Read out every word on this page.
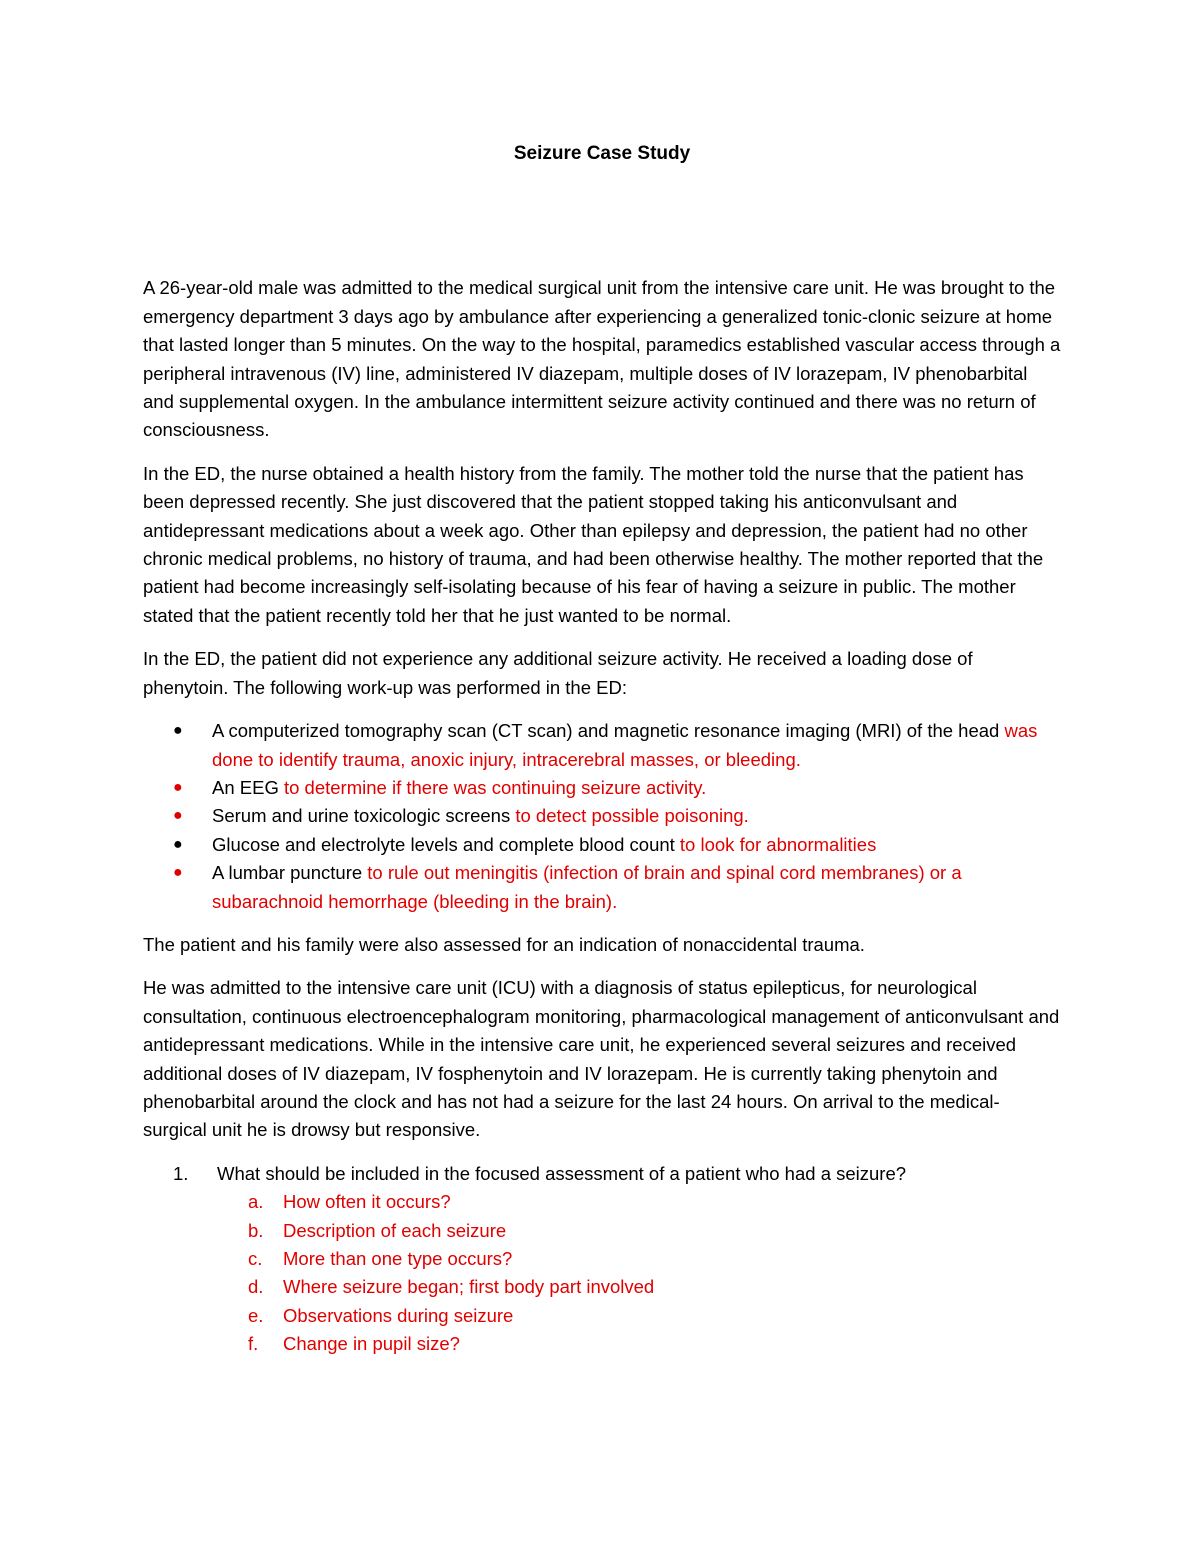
Seizure Case Study

A 26-year-old male was admitted to the medical surgical unit from the intensive care unit. He was brought to the emergency department 3 days ago by ambulance after experiencing a generalized tonic-clonic seizure at home that lasted longer than 5 minutes. On the way to the hospital, paramedics established vascular access through a peripheral intravenous (IV) line, administered IV diazepam, multiple doses of IV lorazepam, IV phenobarbital and supplemental oxygen. In the ambulance intermittent seizure activity continued and there was no return of consciousness.

In the ED, the nurse obtained a health history from the family. The mother told the nurse that the patient has been depressed recently. She just discovered that the patient stopped taking his anticonvulsant and antidepressant medications about a week ago. Other than epilepsy and depression, the patient had no other chronic medical problems, no history of trauma, and had been otherwise healthy. The mother reported that the patient had become increasingly self-isolating because of his fear of having a seizure in public. The mother stated that the patient recently told her that he just wanted to be normal.

In the ED, the patient did not experience any additional seizure activity. He received a loading dose of phenytoin. The following work-up was performed in the ED:

●	A computerized tomography scan (CT scan) and magnetic resonance imaging (MRI) of the head was done to identify trauma, anoxic injury, intracerebral masses, or bleeding.
●	An EEG to determine if there was continuing seizure activity.
●	Serum and urine toxicologic screens to detect possible poisoning.
●	Glucose and electrolyte levels and complete blood count to look for abnormalities
●	A lumbar puncture to rule out meningitis (infection of brain and spinal cord membranes) or a subarachnoid hemorrhage (bleeding in the brain).

The patient and his family were also assessed for an indication of nonaccidental trauma.

He was admitted to the intensive care unit (ICU) with a diagnosis of status epilepticus, for neurological consultation, continuous electroencephalogram monitoring, pharmacological management of anticonvulsant and antidepressant medications. While in the intensive care unit, he experienced several seizures and received additional doses of IV diazepam, IV fosphenytoin and IV lorazepam. He is currently taking phenytoin and phenobarbital around the clock and has not had a seizure for the last 24 hours. On arrival to the medical-surgical unit he is drowsy but responsive.

1. What should be included in the focused assessment of a patient who had a seizure?
a. How often it occurs?
b. Description of each seizure
c. More than one type occurs?
d. Where seizure began; first body part involved
e. Observations during seizure
f. Change in pupil size?
